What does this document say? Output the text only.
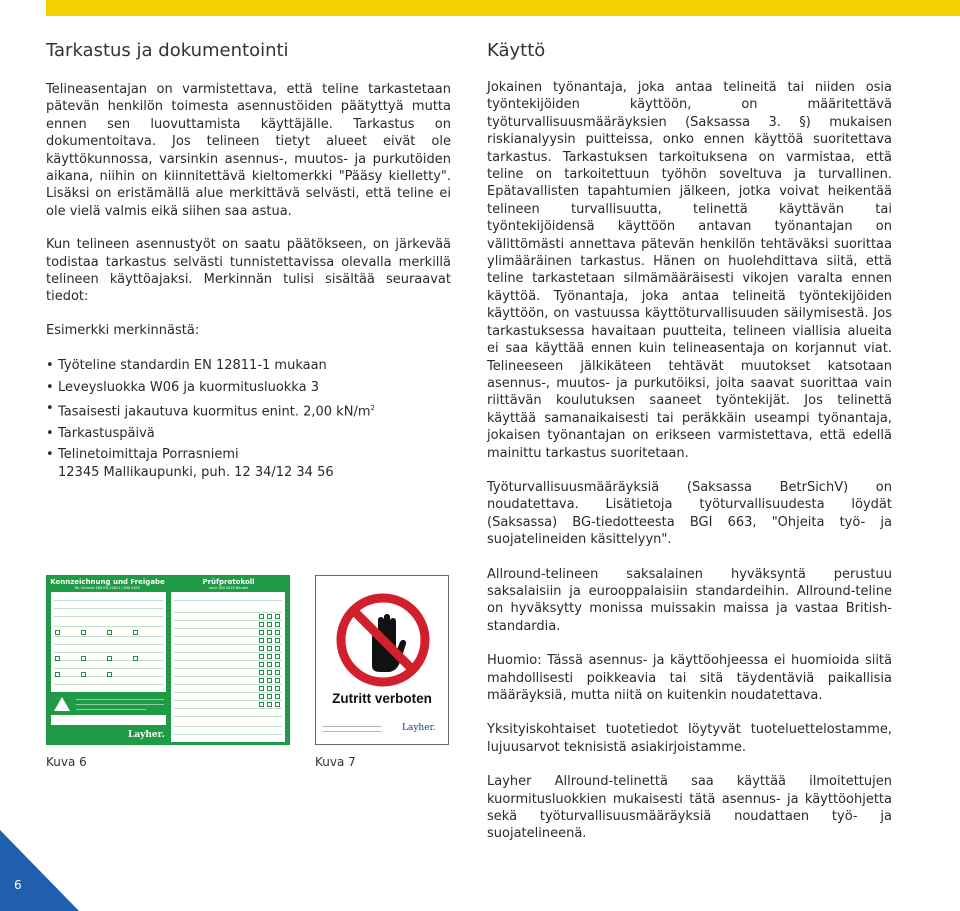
Tarkastus ja dokumentointi

Telineasentajan on varmistettava, että teline tarkastetaan pätevän henkilön toimesta asennustöiden päätyttyä mutta ennen sen luovuttamista käyttäjälle. Tarkastus on dokumentoitava. Jos telineen tietyt alueet eivät ole käyttökunnossa, varsinkin asennus-, muutos- ja purkutöiden aikana, niihin on kiinnitettävä kieltomerkki "Pääsy kielletty". Lisäksi on eristämällä alue merkittävä selvästi, että teline ei ole vielä valmis eikä siihen saa astua.

Kun telineen asennustyöt on saatu päätökseen, on järkevää todistaa tarkastus selvästi tunnistettavissa olevalla merkillä telineen käyttöajaksi. Merkinnän tulisi sisältää seuraavat tiedot:

Esimerkki merkinnästä:

• Työteline standardin EN 12811-1 mukaan
• Leveysluokka W06 ja kuormitusluokka 3
• Tasaisesti jakautuva kuormitus enint. 2,00 $kN/m^2$
• Tarkastuspäivä
• Telinetoimittaja Porrasniemi
12345 Mallikaupunki, puh. 12 34/12 34 56
Kennzeichnung und Freigabe
für Gerüste DIN EN 12811 / DIN 4420
Prüfprotokoll
nach DIN 4420 Bauteil
Layher.
Zutritt verboten
Layher.
Kuva 6	Kuva 7
Käyttö

Jokainen työnantaja, joka antaa telineitä tai niiden osia työntekijöiden käyttöön, on määritettävä työturvallisuusmääräyksien (Saksassa 3. §) mukaisen riskianalyysin puitteissa, onko ennen käyttöä suoritettava tarkastus. Tarkastuksen tarkoituksena on varmistaa, että teline on tarkoitettuun työhön soveltuva ja turvallinen. Epätavallisten tapahtumien jälkeen, jotka voivat heikentää telineen turvallisuutta, telinettä käyttävän tai työntekijöidensä käyttöön antavan työnantajan on välittömästi annettava pätevän henkilön tehtäväksi suorittaa ylimääräinen tarkastus. Hänen on huolehdittava siitä, että teline tarkastetaan silmämääräisesti vikojen varalta ennen käyttöä. Työnantaja, joka antaa telineitä työntekijöiden käyttöön, on vastuussa käyttöturvallisuuden säilymisestä. Jos tarkastuksessa havaitaan puutteita, telineen viallisia alueita ei saa käyttää ennen kuin telineasentaja on korjannut viat. Telineeseen jälkikäteen tehtävät muutokset katsotaan asennus-, muutos- ja purkutöiksi, joita saavat suorittaa vain riittävän koulutuksen saaneet työntekijät. Jos telinettä käyttää samanaikaisesti tai peräkkäin useampi työnantaja, jokaisen työnantajan on erikseen varmistettava, että edellä mainittu tarkastus suoritetaan.

Työturvallisuusmääräyksiä (Saksassa BetrSichV) on noudatettava. Lisätietoja työturvallisuudesta löydät (Saksassa) BG-tiedotteesta BGI 663, "Ohjeita työ- ja suojatelineiden käsittelyyn".

Allround-telineen saksalainen hyväksyntä perustuu saksalaisiin ja eurooppalaisiin standardeihin. Allround-teline on hyväksytty monissa muissakin maissa ja vastaa British-standardia.

Huomio: Tässä asennus- ja käyttöohjeessa ei huomioida siitä mahdollisesti poikkeavia tai sitä täydentäviä paikallisia määräyksiä, mutta niitä on kuitenkin noudatettava.

Yksityiskohtaiset tuotetiedot löytyvät tuoteluettelostamme, lujuusarvot teknisistä asiakirjoistamme.

Layher Allround-telinettä saa käyttää ilmoitettujen kuormitusluokkien mukaisesti tätä asennus- ja käyttöohjetta sekä työturvallisuusmääräyksiä noudattaen työ- ja suojatelineenä.

6
